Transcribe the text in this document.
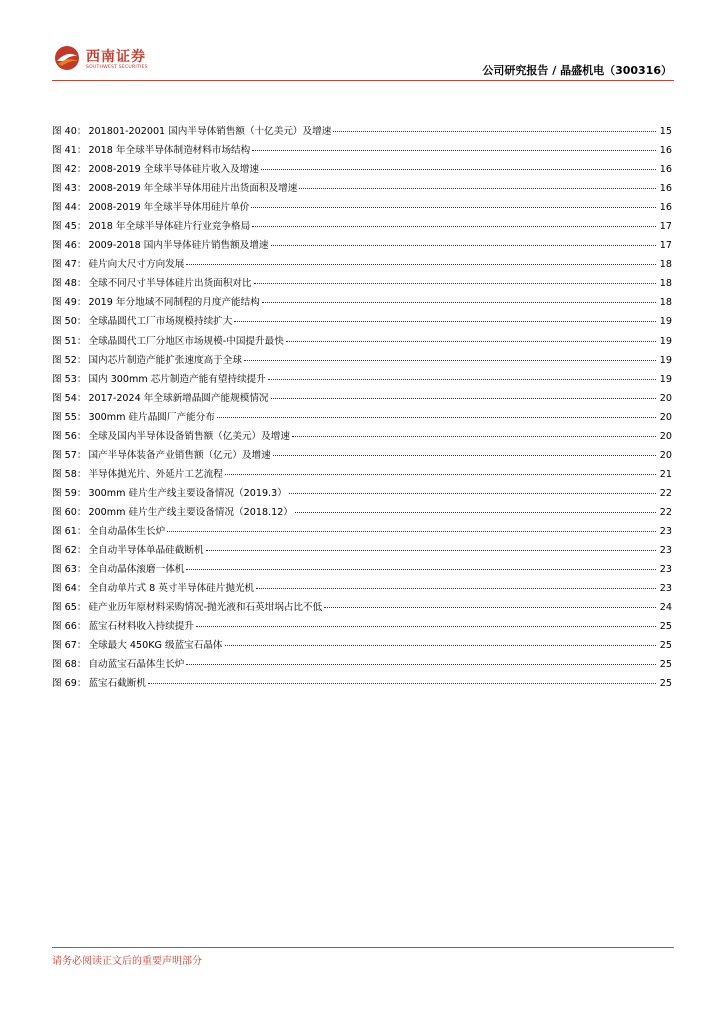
西南证券
SOUTHWEST SECURITIES	公司研究报告 / 晶盛机电（300316）
图 40： 201801-202001 国内半导体销售额（十亿美元）及增速	15
图 41： 2018 年全球半导体制造材料市场结构	16
图 42： 2008-2019 全球半导体硅片收入及增速	16
图 43： 2008-2019 年全球半导体用硅片出货面积及增速	16
图 44： 2008-2019 年全球半导体用硅片单价	16
图 45： 2018 年全球半导体硅片行业竞争格局	17
图 46： 2009-2018 国内半导体硅片销售额及增速	17
图 47： 硅片向大尺寸方向发展	18
图 48： 全球不同尺寸半导体硅片出货面积对比	18
图 49： 2019 年分地域不同制程的月度产能结构	18
图 50： 全球晶圆代工厂市场规模持续扩大	19
图 51： 全球晶圆代工厂分地区市场规模-中国提升最快	19
图 52： 国内芯片制造产能扩张速度高于全球	19
图 53： 国内 300mm 芯片制造产能有望持续提升	19
图 54： 2017-2024 年全球新增晶圆产能规模情况	20
图 55： 300mm 硅片晶圆厂产能分布	20
图 56： 全球及国内半导体设备销售额（亿美元）及增速	20
图 57： 国产半导体装备产业销售额（亿元）及增速	20
图 58： 半导体抛光片、外延片工艺流程	21
图 59： 300mm 硅片生产线主要设备情况（2019.3）	22
图 60： 200mm 硅片生产线主要设备情况（2018.12）	22
图 61： 全自动晶体生长炉	23
图 62： 全自动半导体单晶硅截断机	23
图 63： 全自动晶体滚磨一体机	23
图 64： 全自动单片式 8 英寸半导体硅片抛光机	23
图 65： 硅产业历年原材料采购情况-抛光液和石英坩埚占比不低	24
图 66： 蓝宝石材料收入持续提升	25
图 67： 全球最大 450KG 级蓝宝石晶体	25
图 68： 自动蓝宝石晶体生长炉	25
图 69： 蓝宝石截断机	25
请务必阅读正文后的重要声明部分
